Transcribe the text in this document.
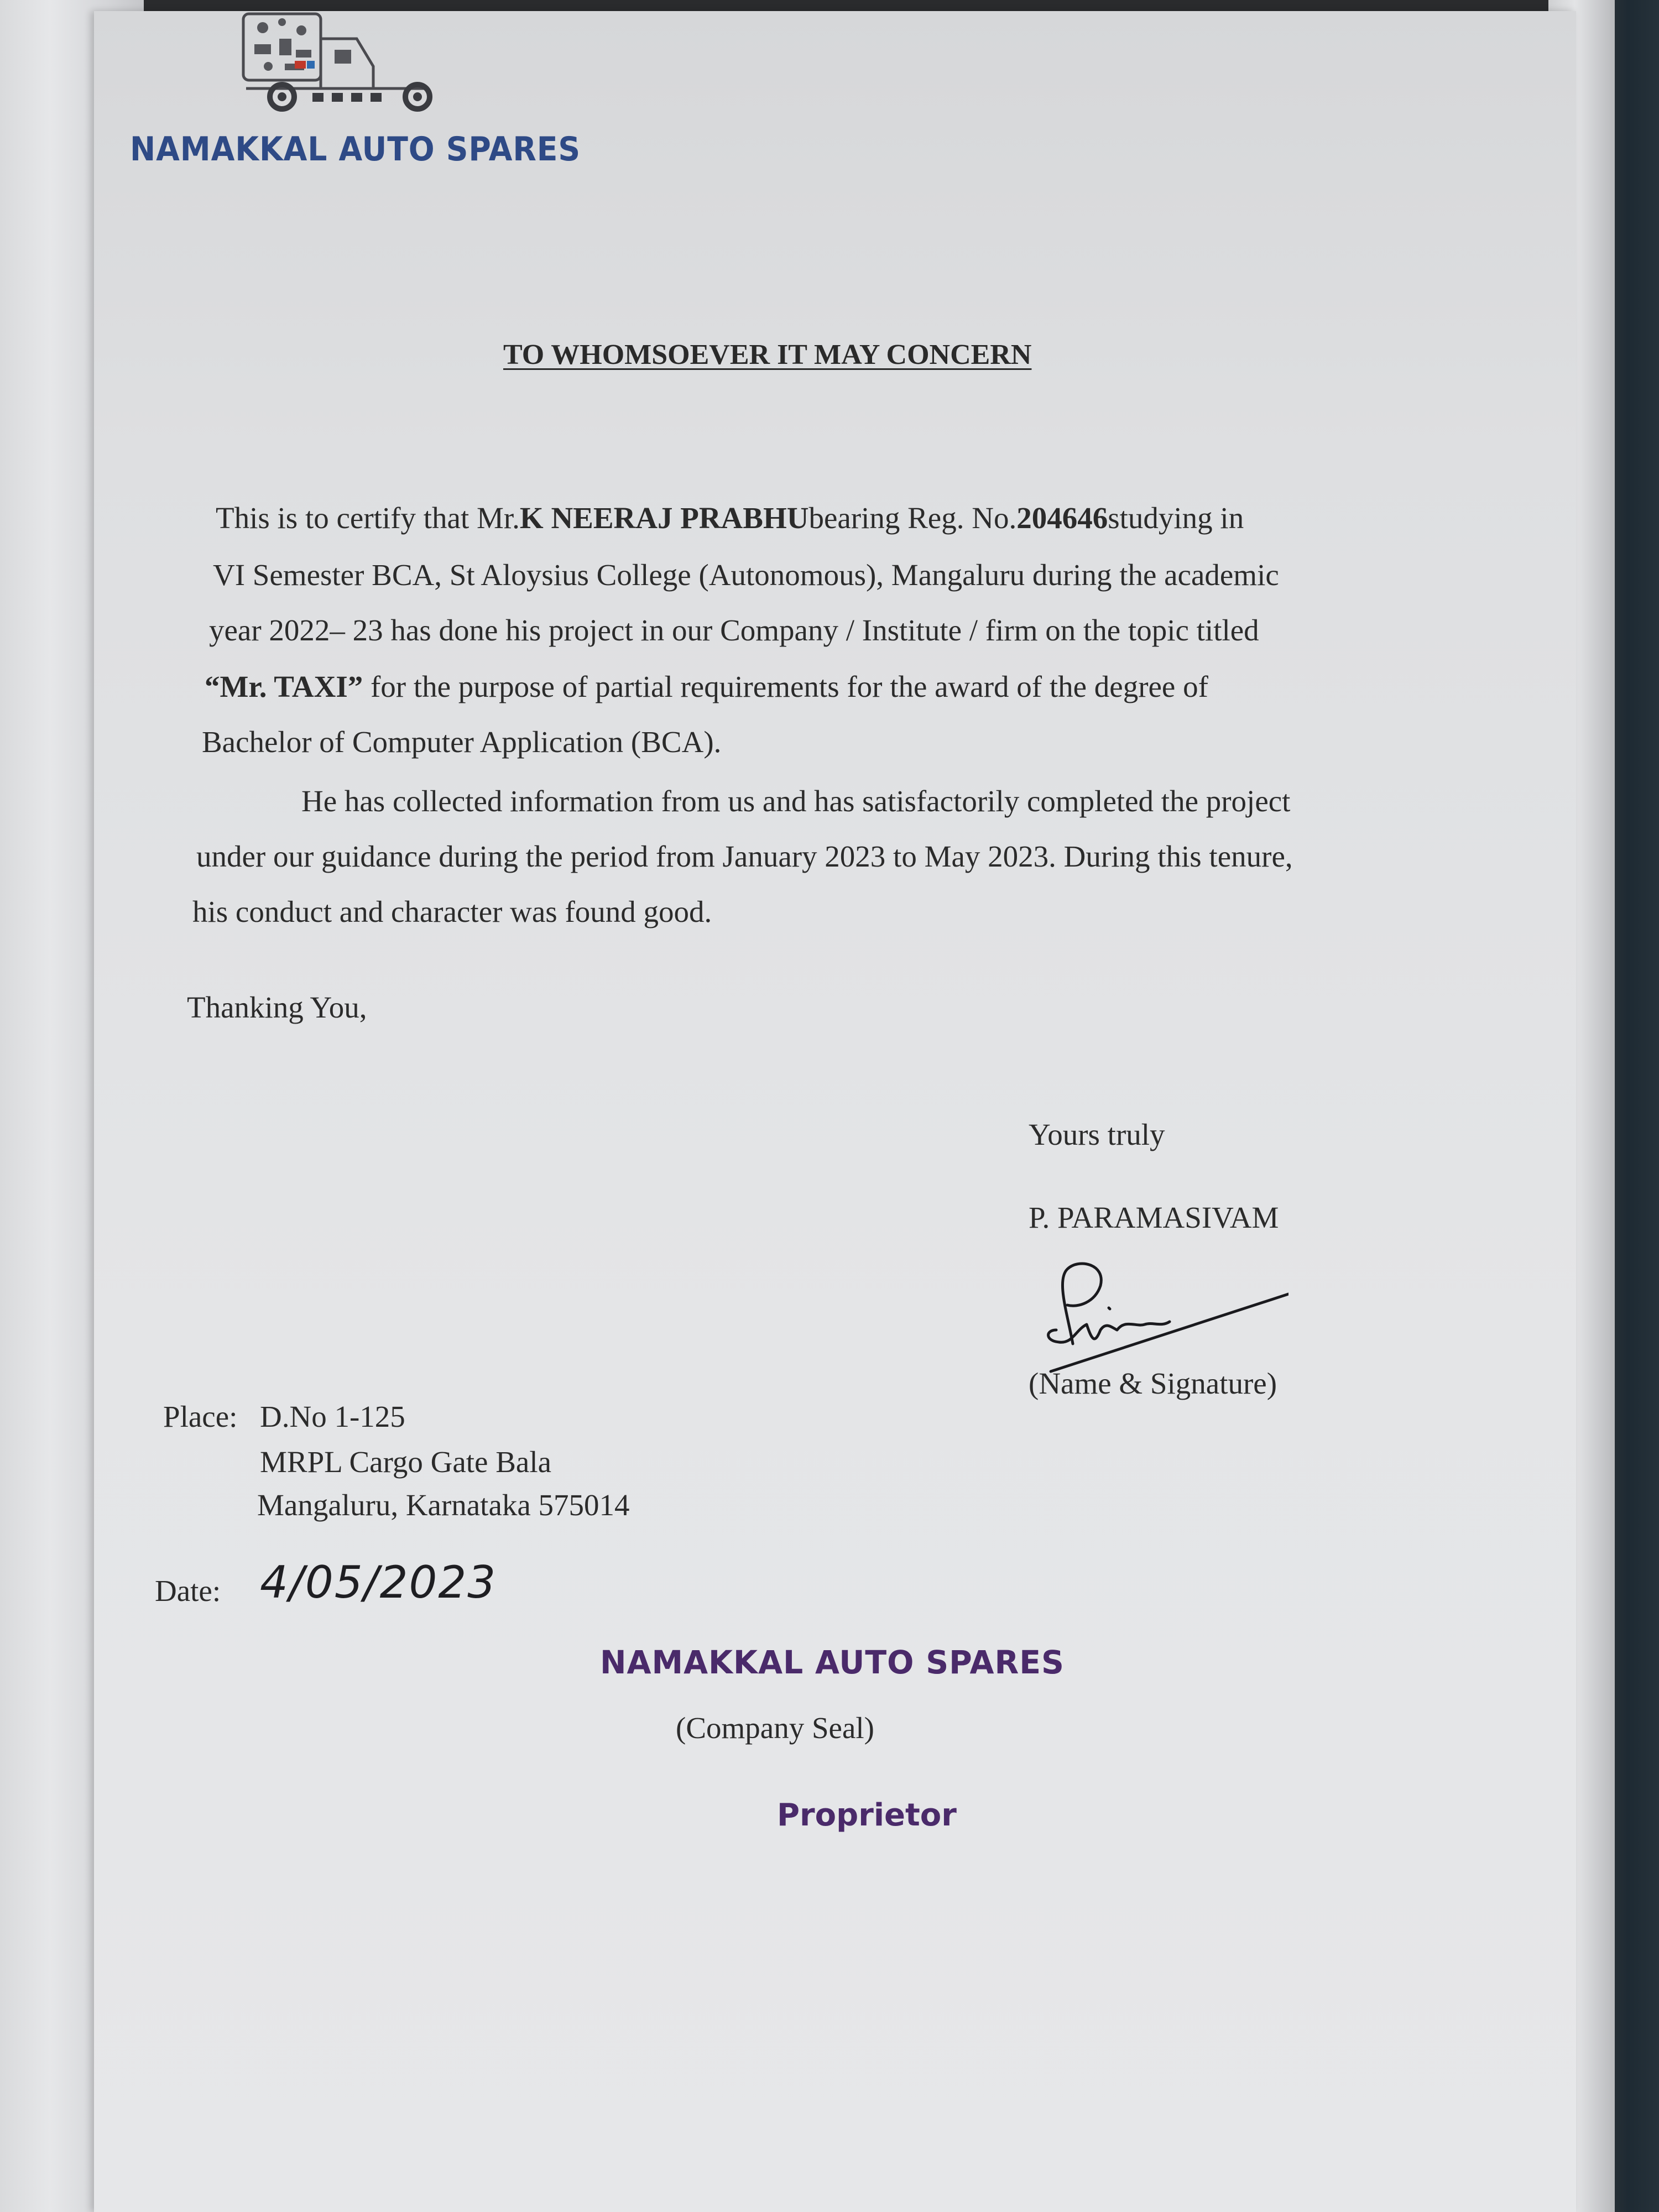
NAMAKKAL AUTO SPARES
TO WHOMSOEVER IT MAY CONCERN
This is to certify that Mr.K NEERAJ PRABHUbearing Reg. No.204646studying in
VI Semester BCA, St Aloysius College (Autonomous), Mangaluru during the academic
year 2022– 23 has done his project in our Company / Institute / firm on the topic titled
“Mr. TAXI” for the purpose of partial requirements for the award of the degree of
Bachelor of Computer Application (BCA).
He has collected information from us and has satisfactorily completed the project
under our guidance during the period from January 2023 to May 2023. During this tenure,
his conduct and character was found good.
Thanking You,
Yours truly
P. PARAMASIVAM
(Name & Signature)
Place: D.No 1-125
MRPL Cargo Gate Bala
Mangaluru, Karnataka 575014
Date: 4/05/2023
NAMAKKAL AUTO SPARES
(Company Seal)
Proprietor
